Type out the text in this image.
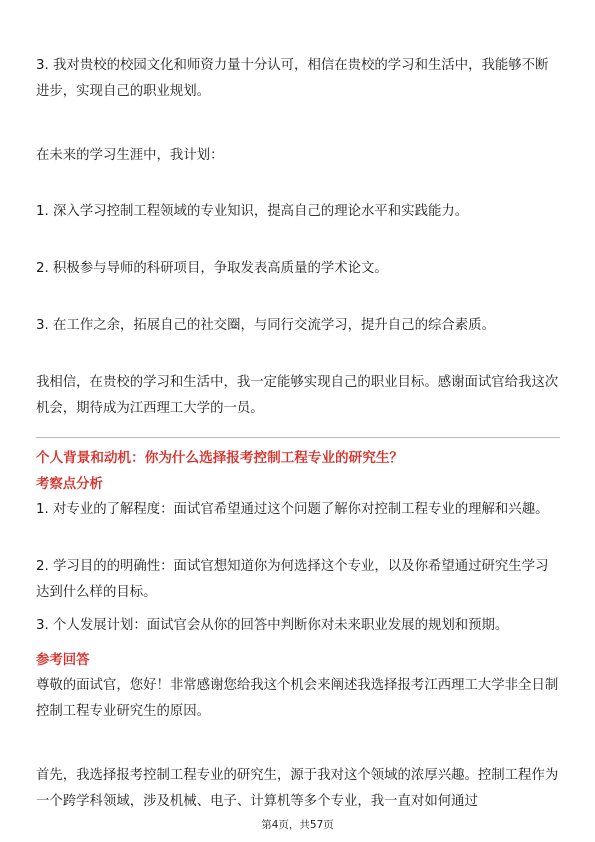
3. 我对贵校的校园文化和师资力量十分认可，相信在贵校的学习和生活中，我能够不断进步，实现自己的职业规划。

在未来的学习生涯中，我计划：

1. 深入学习控制工程领域的专业知识，提高自己的理论水平和实践能力。

2. 积极参与导师的科研项目，争取发表高质量的学术论文。

3. 在工作之余，拓展自己的社交圈，与同行交流学习，提升自己的综合素质。

我相信，在贵校的学习和生活中，我一定能够实现自己的职业目标。感谢面试官给我这次机会，期待成为江西理工大学的一员。

个人背景和动机：你为什么选择报考控制工程专业的研究生？

考察点分析

1. 对专业的了解程度：面试官希望通过这个问题了解你对控制工程专业的理解和兴趣。

2. 学习目的的明确性：面试官想知道你为何选择这个专业，以及你希望通过研究生学习达到什么样的目标。

3. 个人发展计划：面试官会从你的回答中判断你对未来职业发展的规划和预期。

参考回答

尊敬的面试官，您好！非常感谢您给我这个机会来阐述我选择报考江西理工大学非全日制控制工程专业研究生的原因。

首先，我选择报考控制工程专业的研究生，源于我对这个领域的浓厚兴趣。控制工程作为一个跨学科领域，涉及机械、电子、计算机等多个专业，我一直对如何通过

第4页，共57页
